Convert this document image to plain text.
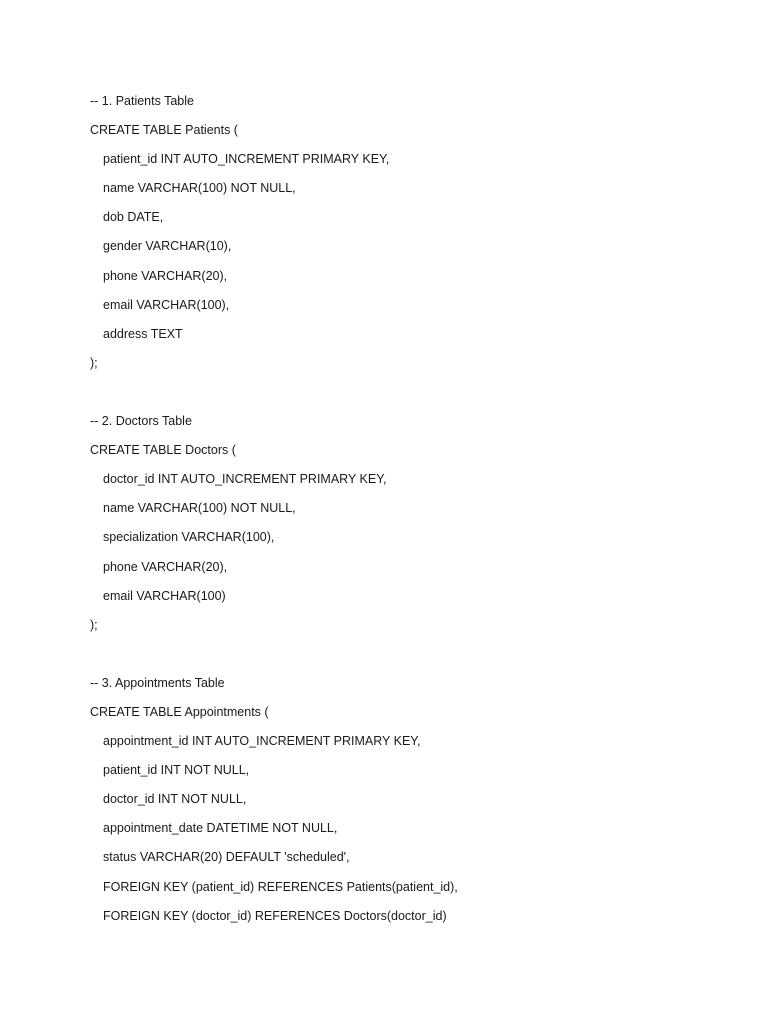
-- 1. Patients Table
CREATE TABLE Patients (
patient_id INT AUTO_INCREMENT PRIMARY KEY,
name VARCHAR(100) NOT NULL,
dob DATE,
gender VARCHAR(10),
phone VARCHAR(20),
email VARCHAR(100),
address TEXT
);
-- 2. Doctors Table
CREATE TABLE Doctors (
doctor_id INT AUTO_INCREMENT PRIMARY KEY,
name VARCHAR(100) NOT NULL,
specialization VARCHAR(100),
phone VARCHAR(20),
email VARCHAR(100)
);
-- 3. Appointments Table
CREATE TABLE Appointments (
appointment_id INT AUTO_INCREMENT PRIMARY KEY,
patient_id INT NOT NULL,
doctor_id INT NOT NULL,
appointment_date DATETIME NOT NULL,
status VARCHAR(20) DEFAULT 'scheduled',
FOREIGN KEY (patient_id) REFERENCES Patients(patient_id),
FOREIGN KEY (doctor_id) REFERENCES Doctors(doctor_id)
